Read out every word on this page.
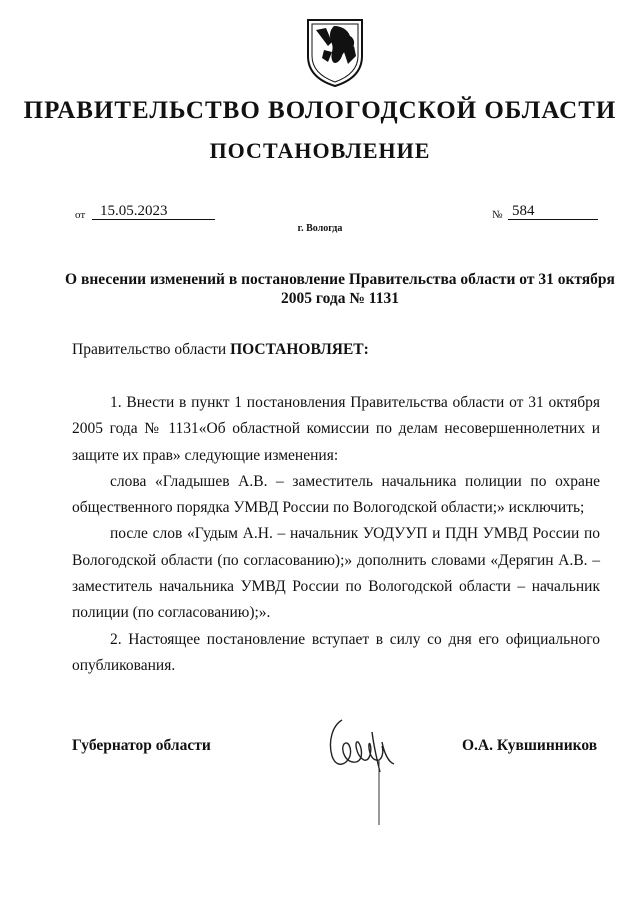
ПРАВИТЕЛЬСТВО ВОЛОГОДСКОЙ ОБЛАСТИ
ПОСТАНОВЛЕНИЕ
от 15.05.2023	№ 584
г. Вологда
О внесении изменений в постановление Правительства области от 31 октября 2005 года № 1131
Правительство области ПОСТАНОВЛЯЕТ:

1. Внести в пункт 1 постановления Правительства области от 31 октября 2005 года № 1131«Об областной комиссии по делам несовершеннолетних и защите их прав» следующие изменения:

слова «Гладышев А.В. – заместитель начальника полиции по охране общественного порядка УМВД России по Вологодской области;» исключить;

после слов «Гудым А.Н. – начальник УОДУУП и ПДН УМВД России по Вологодской области (по согласованию);» дополнить словами «Дерягин А.В. – заместитель начальника УМВД России по Вологодской области – начальник полиции (по согласованию);».

2. Настоящее постановление вступает в силу со дня его официального опубликования.

Губернатор области	О.А. Кувшинников
